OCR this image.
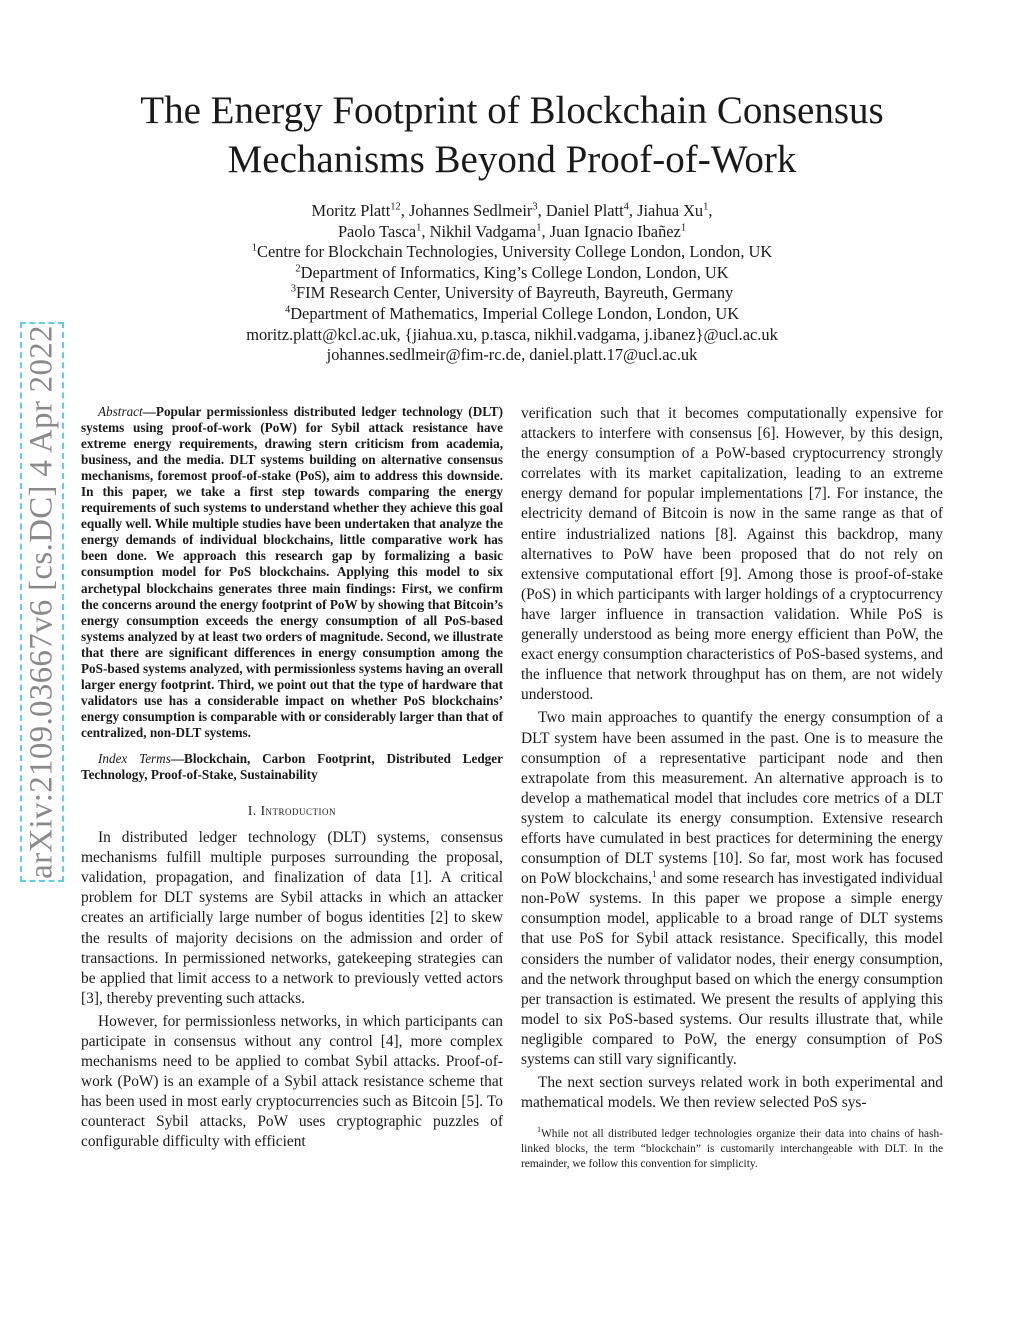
arXiv:2109.03667v6 [cs.DC] 4 Apr 2022
The Energy Footprint of Blockchain Consensus
Mechanisms Beyond Proof-of-Work
Moritz Platt$^{12}$, Johannes Sedlmeir$^3$, Daniel Platt$^4$, Jiahua Xu$^1$,
Paolo Tasca$^1$, Nikhil Vadgama$^1$, Juan Ignacio Ibañez$^1$
$^1$Centre for Blockchain Technologies, University College London, London, UK
$^2$Department of Informatics, King’s College London, London, UK
$^3$FIM Research Center, University of Bayreuth, Bayreuth, Germany
$^4$Department of Mathematics, Imperial College London, London, UK
moritz.platt@kcl.ac.uk, {jiahua.xu, p.tasca, nikhil.vadgama, j.ibanez}@ucl.ac.uk
johannes.sedlmeir@fim-rc.de, daniel.platt.17@ucl.ac.uk

Abstract—Popular permissionless distributed ledger technology (DLT) systems using proof-of-work (PoW) for Sybil attack resistance have extreme energy requirements, drawing stern criticism from academia, business, and the media. DLT systems building on alternative consensus mechanisms, foremost proof-of-stake (PoS), aim to address this downside. In this paper, we take a first step towards comparing the energy requirements of such systems to understand whether they achieve this goal equally well. While multiple studies have been undertaken that analyze the energy demands of individual blockchains, little comparative work has been done. We approach this research gap by formalizing a basic consumption model for PoS blockchains. Applying this model to six archetypal blockchains generates three main findings: First, we confirm the concerns around the energy footprint of PoW by showing that Bitcoin’s energy consumption exceeds the energy consumption of all PoS-based systems analyzed by at least two orders of magnitude. Second, we illustrate that there are significant differences in energy consumption among the PoS-based systems analyzed, with permissionless systems having an overall larger energy footprint. Third, we point out that the type of hardware that validators use has a considerable impact on whether PoS blockchains’ energy consumption is comparable with or considerably larger than that of centralized, non-DLT systems.

Index Terms—Blockchain, Carbon Footprint, Distributed Ledger Technology, Proof-of-Stake, Sustainability

I. Introduction

In distributed ledger technology (DLT) systems, consensus mechanisms fulfill multiple purposes surrounding the proposal, validation, propagation, and finalization of data [1]. A critical problem for DLT systems are Sybil attacks in which an attacker creates an artificially large number of bogus identities [2] to skew the results of majority decisions on the admission and order of transactions. In permissioned networks, gatekeeping strategies can be applied that limit access to a network to previously vetted actors [3], thereby preventing such attacks.

However, for permissionless networks, in which participants can participate in consensus without any control [4], more complex mechanisms need to be applied to combat Sybil attacks. Proof-of-work (PoW) is an example of a Sybil attack resistance scheme that has been used in most early cryptocurrencies such as Bitcoin [5]. To counteract Sybil attacks, PoW uses cryptographic puzzles of configurable difficulty with efficient

verification such that it becomes computationally expensive for attackers to interfere with consensus [6]. However, by this design, the energy consumption of a PoW-based cryptocurrency strongly correlates with its market capitalization, leading to an extreme energy demand for popular implementations [7]. For instance, the electricity demand of Bitcoin is now in the same range as that of entire industrialized nations [8]. Against this backdrop, many alternatives to PoW have been proposed that do not rely on extensive computational effort [9]. Among those is proof-of-stake (PoS) in which participants with larger holdings of a cryptocurrency have larger influence in transaction validation. While PoS is generally understood as being more energy efficient than PoW, the exact energy consumption characteristics of PoS-based systems, and the influence that network throughput has on them, are not widely understood.

Two main approaches to quantify the energy consumption of a DLT system have been assumed in the past. One is to measure the consumption of a representative participant node and then extrapolate from this measurement. An alternative approach is to develop a mathematical model that includes core metrics of a DLT system to calculate its energy consumption. Extensive research efforts have cumulated in best practices for determining the energy consumption of DLT systems [10]. So far, most work has focused on PoW blockchains,$^1$ and some research has investigated individual non-PoW systems. In this paper we propose a simple energy consumption model, applicable to a broad range of DLT systems that use PoS for Sybil attack resistance. Specifically, this model considers the number of validator nodes, their energy consumption, and the network throughput based on which the energy consumption per transaction is estimated. We present the results of applying this model to six PoS-based systems. Our results illustrate that, while negligible compared to PoW, the energy consumption of PoS systems can still vary significantly.

The next section surveys related work in both experimental and mathematical models. We then review selected PoS sys-

$^1$While not all distributed ledger technologies organize their data into chains of hash-linked blocks, the term “blockchain” is customarily interchangeable with DLT. In the remainder, we follow this convention for simplicity.
